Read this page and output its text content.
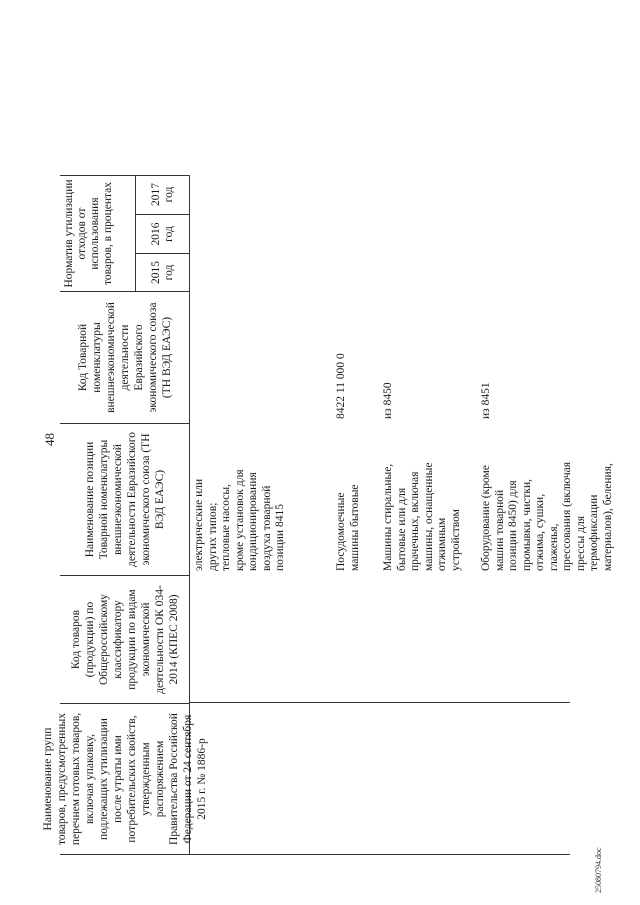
48
Наименование групп товаров, предусмотренных перечнем готовых товаров, включая упаковку, подлежащих утилизации после утраты ими потребительских свойств, утвержденным распоряжением Правительства Российской Федерации от 24 сентября 2015 г. № 1886-р
Код товаров (продукции) по Общероссийскому классификатору продукции по видам экономической деятельности ОК 034-2014 (КПЕС 2008)
Наименование позиции Товарной номенклатуры внешнеэкономической деятельности Евразийского экономического союза (ТН ВЭД ЕАЭС)
Код Товарной номенклатуры внешнеэкономической деятельности Евразийского экономического союза (ТН ВЭД ЕАЭС)
Норматив утилизации отходов от использования товаров, в процентах	2015 год
2016 год
2017 год
электрические или других типов; тепловые насосы, кроме установок для кондиционирования воздуха товарной позиции 8415	Посудомоечные машины бытовые
8422 11 000 0
Машины стиральные, бытовые или для прачечных, включая машины, оснащенные отжимным устройством
из 8450
Оборудование (кроме машин товарной позиции 8450) для промывки, чистки, отжима, сушки, глаженья, прессования (включая прессы для термофиксации материалов), беления,
из 8451
25080794.doc
